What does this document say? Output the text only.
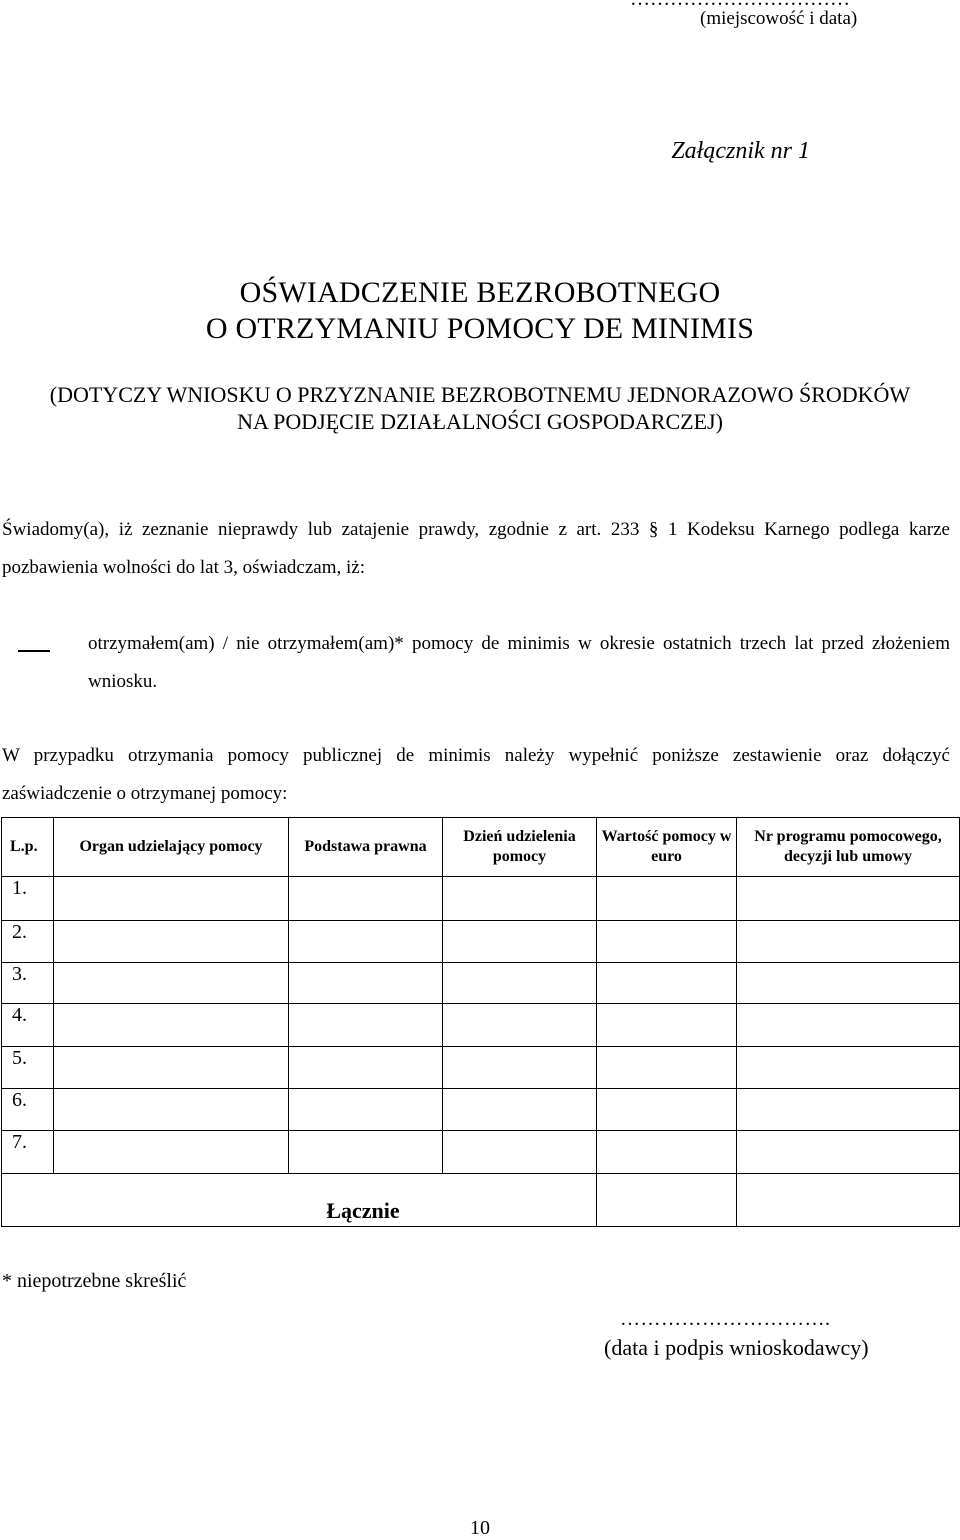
(miejscowość i data)
Załącznik nr 1
OŚWIADCZENIE BEZROBOTNEGO
O OTRZYMANIU POMOCY DE MINIMIS
(DOTYCZY WNIOSKU O PRZYZNANIE BEZROBOTNEMU JEDNORAZOWO ŚRODKÓW
NA PODJĘCIE DZIAŁALNOŚCI GOSPODARCZEJ)
Świadomy(a), iż zeznanie nieprawdy lub zatajenie prawdy, zgodnie z art. 233 § 1 Kodeksu Karnego podlega karze pozbawienia wolności do lat 3, oświadczam, iż:
otrzymałem(am) / nie otrzymałem(am)* pomocy de minimis w okresie ostatnich trzech lat przed złożeniem wniosku.
W przypadku otrzymania pomocy publicznej de minimis należy wypełnić poniższe zestawienie oraz dołączyć zaświadczenie o otrzymanej pomocy:
L.p.	Organ udzielający pomocy	Podstawa prawna	Dzień udzielenia pomocy	Wartość pomocy w euro	Nr programu pomocowego, decyzji lub umowy
1.					
2.					
3.					
4.					
5.					
6.					
7.					
Łącznie					
* niepotrzebne skreślić
………………………….
(data i podpis wnioskodawcy)
10
